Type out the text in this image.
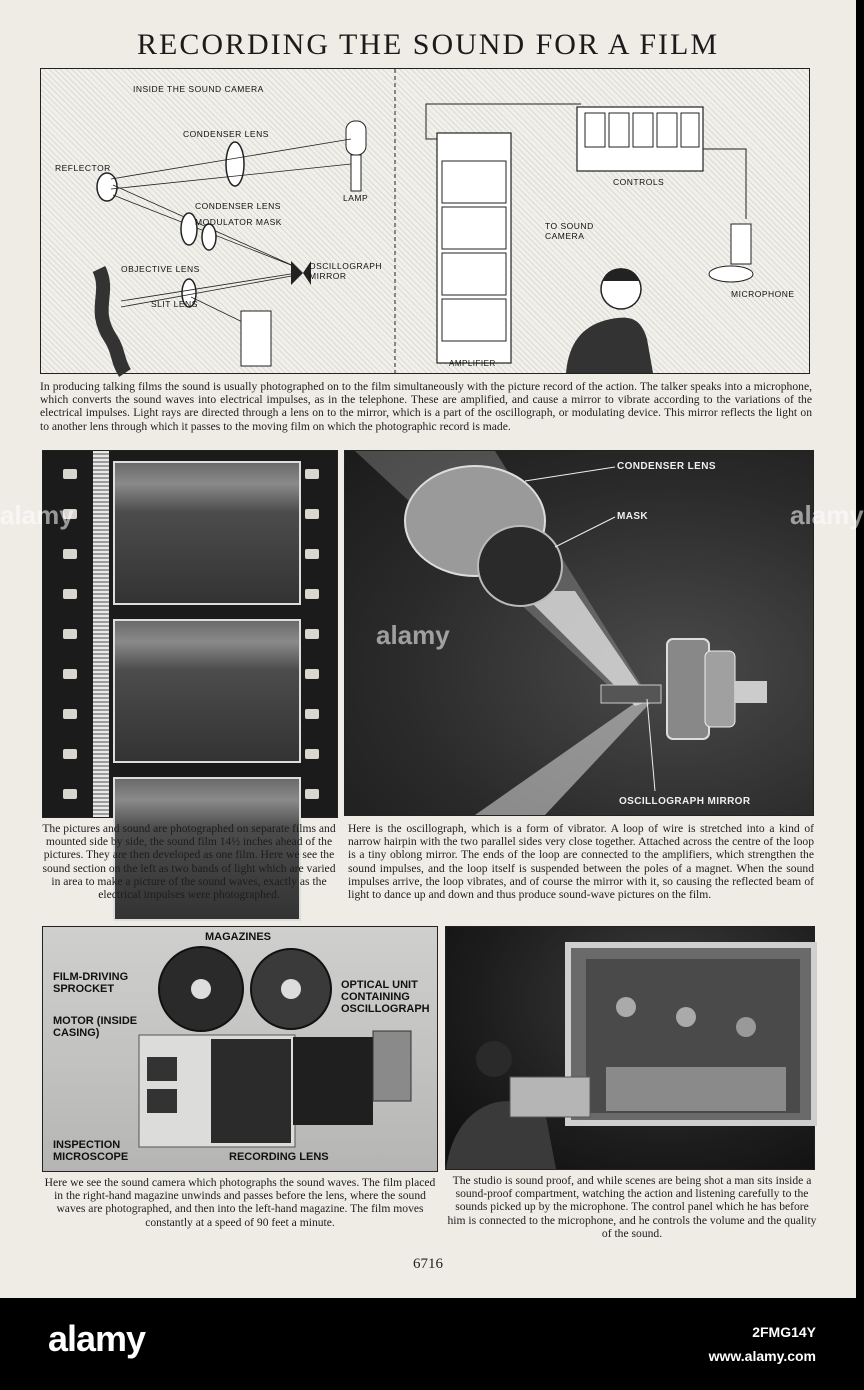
RECORDING THE SOUND FOR A FILM
INSIDE THE SOUND CAMERA
CONDENSER LENS
REFLECTOR
LAMP
CONDENSER LENS
MODULATOR MASK
OBJECTIVE LENS	OSCILLOGRAPH MIRROR
SLIT LENS
CONTROLS
TO SOUND CAMERA
MICROPHONE
AMPLIFIER
In producing talking films the sound is usually photographed on to the film simultaneously with the picture record of the action. The talker speaks into a microphone, which converts the sound waves into electrical impulses, as in the telephone. These are amplified, and cause a mirror to vibrate according to the variations of the electrical impulses. Light rays are directed through a lens on to the mirror, which is a part of the oscillograph, or modulating device. This mirror reflects the light on to another lens through which it passes to the moving film on which the photographic record is made.
CONDENSER LENS
MASK
OSCILLOGRAPH MIRROR
The pictures and sound are photographed on separate films and mounted side by side, the sound film 14½ inches ahead of the pictures. They are then developed as one film. Here we see the sound section on the left as two bands of light which are varied in area to make a picture of the sound waves, exactly as the electrical impulses were photographed.
Here is the oscillograph, which is a form of vibrator. A loop of wire is stretched into a kind of narrow hairpin with the two parallel sides very close together. Attached across the centre of the loop is a tiny oblong mirror. The ends of the loop are connected to the amplifiers, which strengthen the sound impulses, and the loop itself is suspended between the poles of a magnet. When the sound impulses arrive, the loop vibrates, and of course the mirror with it, so causing the reflected beam of light to dance up and down and thus produce sound-wave pictures on the film.
MAGAZINES
FILM-DRIVING SPROCKET	OPTICAL UNIT CONTAINING OSCILLOGRAPH
MOTOR (INSIDE CASING)
INSPECTION MICROSCOPE	RECORDING LENS
Here we see the sound camera which photographs the sound waves. The film placed in the right-hand magazine unwinds and passes before the lens, where the sound waves are photographed, and then into the left-hand magazine. The film moves constantly at a speed of 90 feet a minute.
The studio is sound proof, and while scenes are being shot a man sits inside a sound-proof compartment, watching the action and listening carefully to the sounds picked up by the microphone. The control panel which he has before him is connected to the microphone, and he controls the volume and the quality of the sound.
6716
alamy
alamy
alamy
alamy	2FMG14Y
www.alamy.com
